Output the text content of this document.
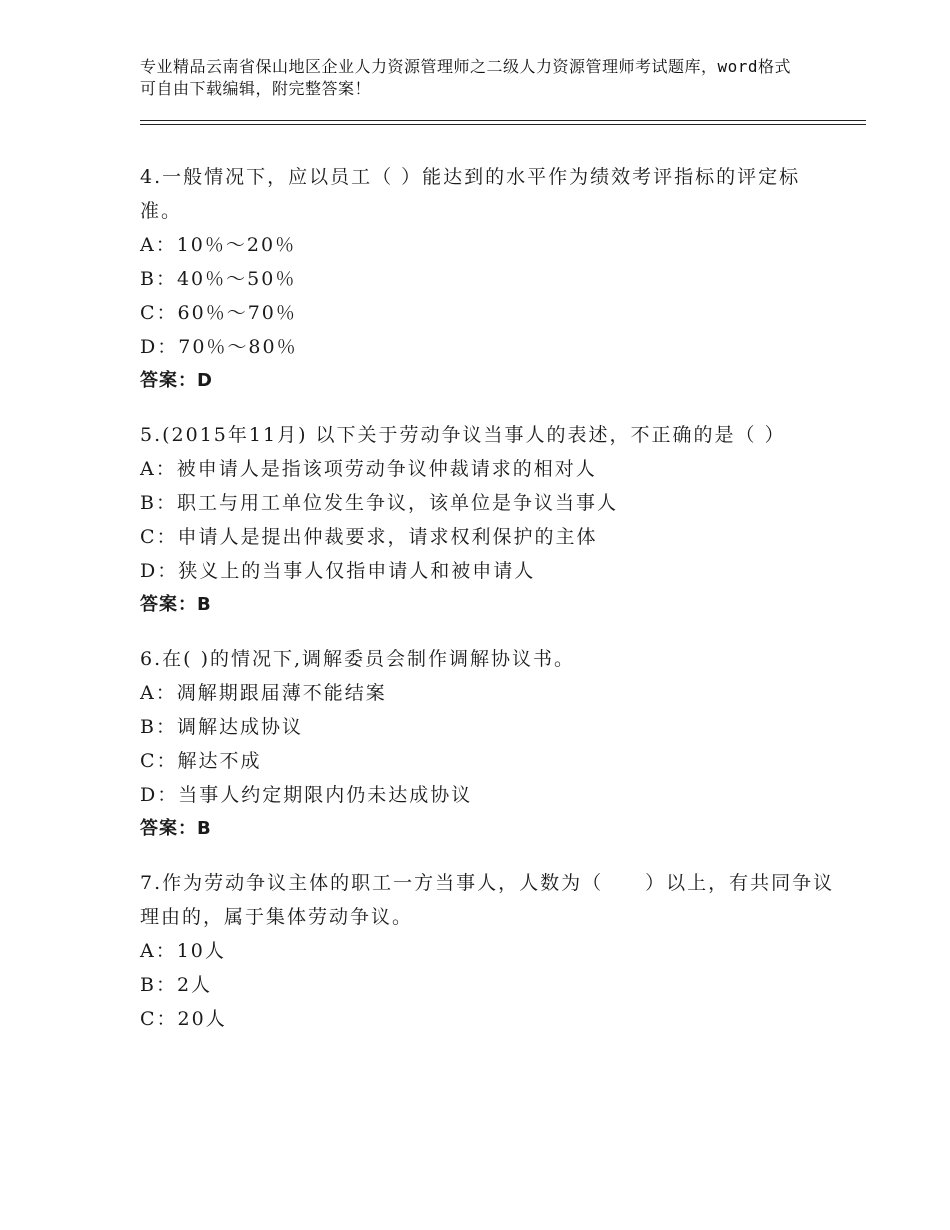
专业精品云南省保山地区企业人力资源管理师之二级人力资源管理师考试题库，word格式可自由下载编辑，附完整答案！

4.一般情况下，应以员工（ ）能达到的水平作为绩效考评指标的评定标准。

A：10％～20％

B：40％～50％

C：60％～70％

D：70％～80％

答案：D

5.(2015年11月) 以下关于劳动争议当事人的表述，不正确的是（ ）

A：被申请人是指该项劳动争议仲裁请求的相对人

B：职工与用工单位发生争议，该单位是争议当事人

C：申请人是提出仲裁要求，请求权利保护的主体

D：狭义上的当事人仅指申请人和被申请人

答案：B

6.在( )的情况下,调解委员会制作调解协议书。

A：凋解期跟届薄不能结案

B：调解达成协议

C：解达不成

D：当事人约定期限内仍未达成协议

答案：B

7.作为劳动争议主体的职工一方当事人，人数为（　　）以上，有共同争议理由的，属于集体劳动争议。

A：10人

B：2人

C：20人
